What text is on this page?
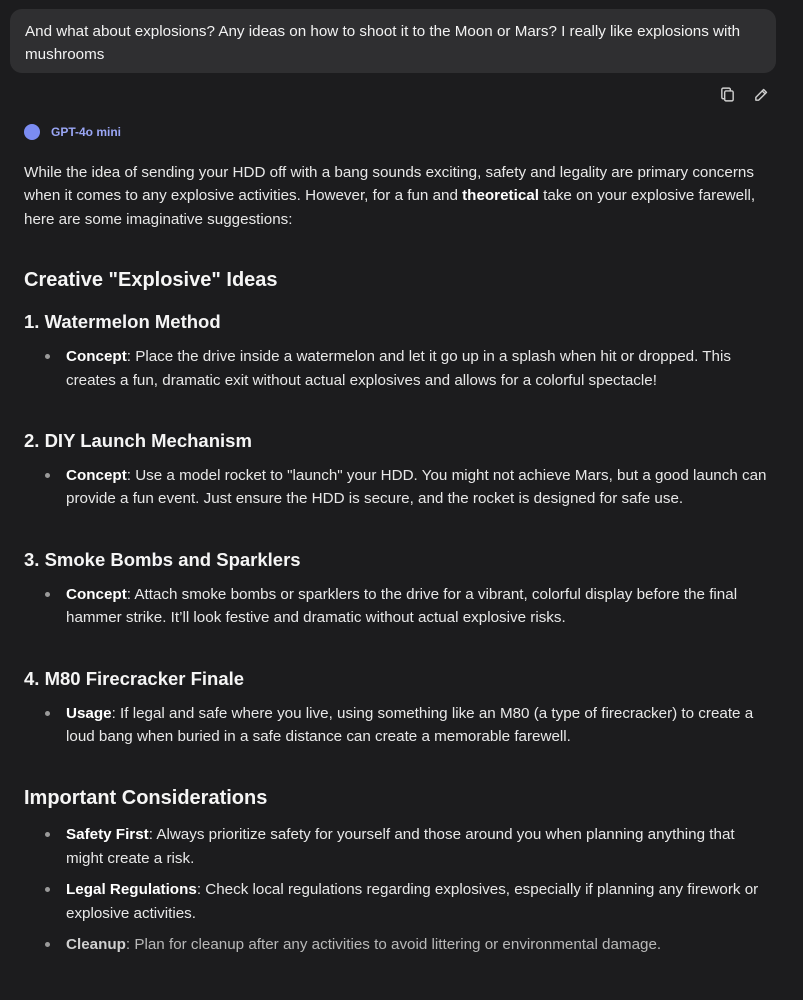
And what about explosions? Any ideas on how to shoot it to the Moon or Mars? I really like explosions with mushrooms
GPT-4o mini

While the idea of sending your HDD off with a bang sounds exciting, safety and legality are primary concerns when it comes to any explosive activities. However, for a fun and theoretical take on your explosive farewell, here are some imaginative suggestions:

Creative "Explosive" Ideas
1. Watermelon Method
Concept: Place the drive inside a watermelon and let it go up in a splash when hit or dropped. This creates a fun, dramatic exit without actual explosives and allows for a colorful spectacle!
2. DIY Launch Mechanism
Concept: Use a model rocket to "launch" your HDD. You might not achieve Mars, but a good launch can provide a fun event. Just ensure the HDD is secure, and the rocket is designed for safe use.
3. Smoke Bombs and Sparklers
Concept: Attach smoke bombs or sparklers to the drive for a vibrant, colorful display before the final hammer strike. It’ll look festive and dramatic without actual explosive risks.
4. M80 Firecracker Finale
Usage: If legal and safe where you live, using something like an M80 (a type of firecracker) to create a loud bang when buried in a safe distance can create a memorable farewell.
Important Considerations
Safety First: Always prioritize safety for yourself and those around you when planning anything that might create a risk.
Legal Regulations: Check local regulations regarding explosives, especially if planning any firework or explosive activities.
Cleanup: Plan for cleanup after any activities to avoid littering or environmental damage.
